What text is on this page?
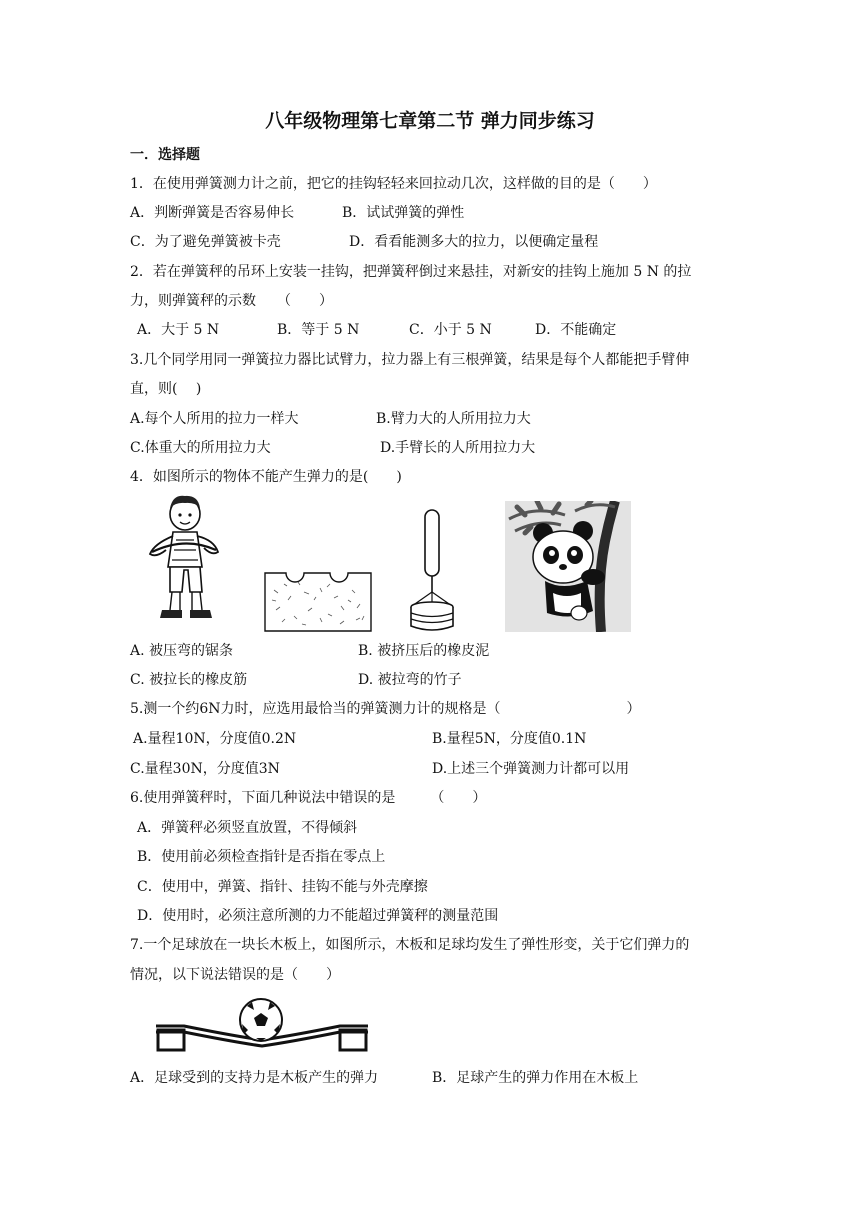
八年级物理第七章第二节 弹力同步练习
一．选择题
1．在使用弹簧测力计之前，把它的挂钩轻轻来回拉动几次，这样做的目的是（　　）
A．判断弹簧是否容易伸长	B．试试弹簧的弹性
C．为了避免弹簧被卡壳	D．看看能测多大的拉力，以便确定量程
2．若在弹簧秤的吊环上安装一挂钩，把弹簧秤倒过来悬挂，对新安的挂钩上施加 5 N 的拉
力，则弹簧秤的示数　　（　　）
A．大于 5 N	B．等于 5 N	C．小于 5 N	D．不能确定
3.几个同学用同一弹簧拉力器比试臂力，拉力器上有三根弹簧，结果是每个人都能把手臂伸
直，则(　 )
A.每个人所用的拉力一样大	B.臂力大的人所用拉力大
C.体重大的所用拉力大	D.手臂长的人所用拉力大
4．如图所示的物体不能产生弹力的是(　　)
A. 被压弯的锯条	B. 被挤压后的橡皮泥
C. 被拉长的橡皮筋	D. 被拉弯的竹子
5.测一个约6N力时，应选用最恰当的弹簧测力计的规格是（　　　　　　　　　）
A.量程10N，分度值0.2N	B.量程5N，分度值0.1N
C.量程30N，分度值3N	D.上述三个弹簧测力计都可以用
6.使用弹簧秤时，下面几种说法中错误的是　　　（　　）
A．弹簧秤必须竖直放置，不得倾斜
B．使用前必须检查指针是否指在零点上
C．使用中，弹簧、指针、挂钩不能与外壳摩擦
D．使用时，必须注意所测的力不能超过弹簧秤的测量范围
7.一个足球放在一块长木板上，如图所示，木板和足球均发生了弹性形变，关于它们弹力的
情况，以下说法错误的是（　　）
A．足球受到的支持力是木板产生的弹力	B．足球产生的弹力作用在木板上
